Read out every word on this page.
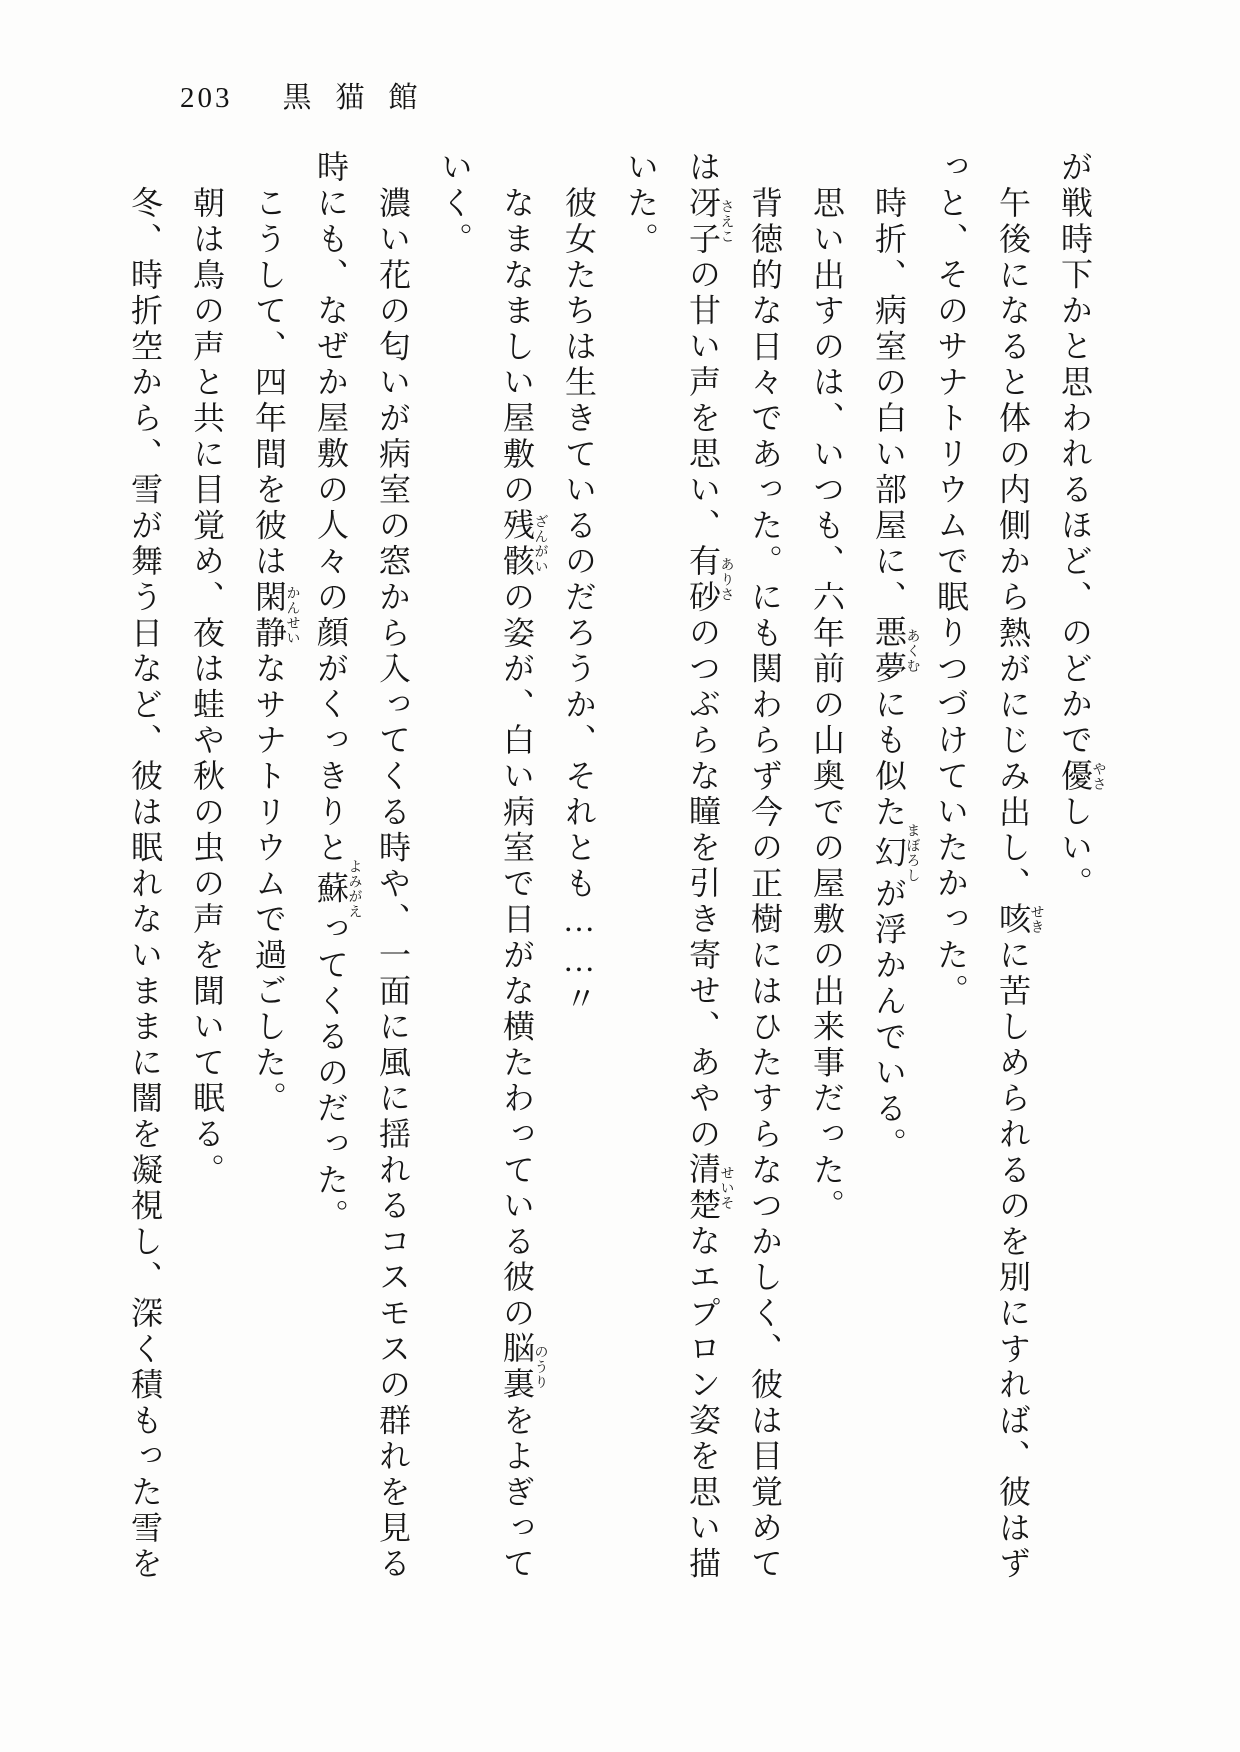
203 黒猫館

が戦時下かと思われるほど、のどかで優やさしい。

午後になると体の内側から熱がにじみ出し、咳せきに苦しめられるのを別にすれば、彼はずっと、そのサナトリウムで眠りつづけていたかった。

時折、病室の白い部屋に、悪夢あくむにも似た幻まぼろしが浮かんでいる。

思い出すのは、いつも、六年前の山奥での屋敷の出来事だった。

背徳的な日々であった。にも関わらず今の正樹にはひたすらなつかしく、彼は目覚めては冴子さえこの甘い声を思い、有砂ありさのつぶらな瞳を引き寄せ、あやの清楚せいそなエプロン姿を思い描いた。

彼女たちは生きているのだろうか、それとも……〃

なまなましい屋敷の残骸ざんがいの姿が、白い病室で日がな横たわっている彼の脳裏のうりをよぎっていく。

濃い花の匂いが病室の窓から入ってくる時や、一面に風に揺れるコスモスの群れを見る時にも、なぜか屋敷の人々の顔がくっきりと蘇よみがえってくるのだった。

こうして、四年間を彼は閑静かんせいなサナトリウムで過ごした。

朝は鳥の声と共に目覚め、夜は蛙や秋の虫の声を聞いて眠る。

冬、時折空から、雪が舞う日など、彼は眠れないままに闇を凝視し、深く積もった雪を
